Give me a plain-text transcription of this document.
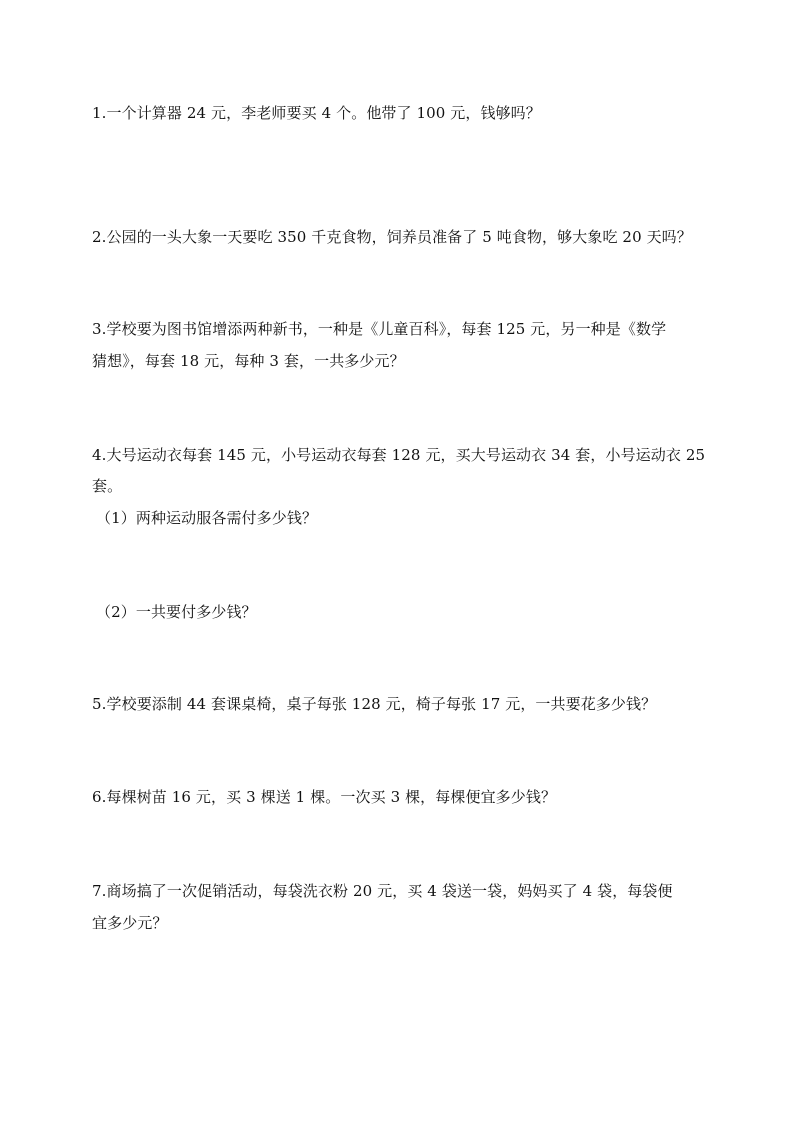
1.一个计算器 24 元，李老师要买 4 个。他带了 100 元，钱够吗？
2.公园的一头大象一天要吃 350 千克食物，饲养员准备了 5 吨食物，够大象吃 20 天吗？
3.学校要为图书馆增添两种新书，一种是《儿童百科》，每套 125 元，另一种是《数学
猜想》，每套 18 元，每种 3 套，一共多少元？
4.大号运动衣每套 145 元，小号运动衣每套 128 元，买大号运动衣 34 套，小号运动衣 25
套。
（1）两种运动服各需付多少钱？
（2）一共要付多少钱？
5.学校要添制 44 套课桌椅，桌子每张 128 元，椅子每张 17 元，一共要花多少钱？
6.每棵树苗 16 元，买 3 棵送 1 棵。一次买 3 棵，每棵便宜多少钱？
7.商场搞了一次促销活动，每袋洗衣粉 20 元，买 4 袋送一袋，妈妈买了 4 袋，每袋便
宜多少元？
